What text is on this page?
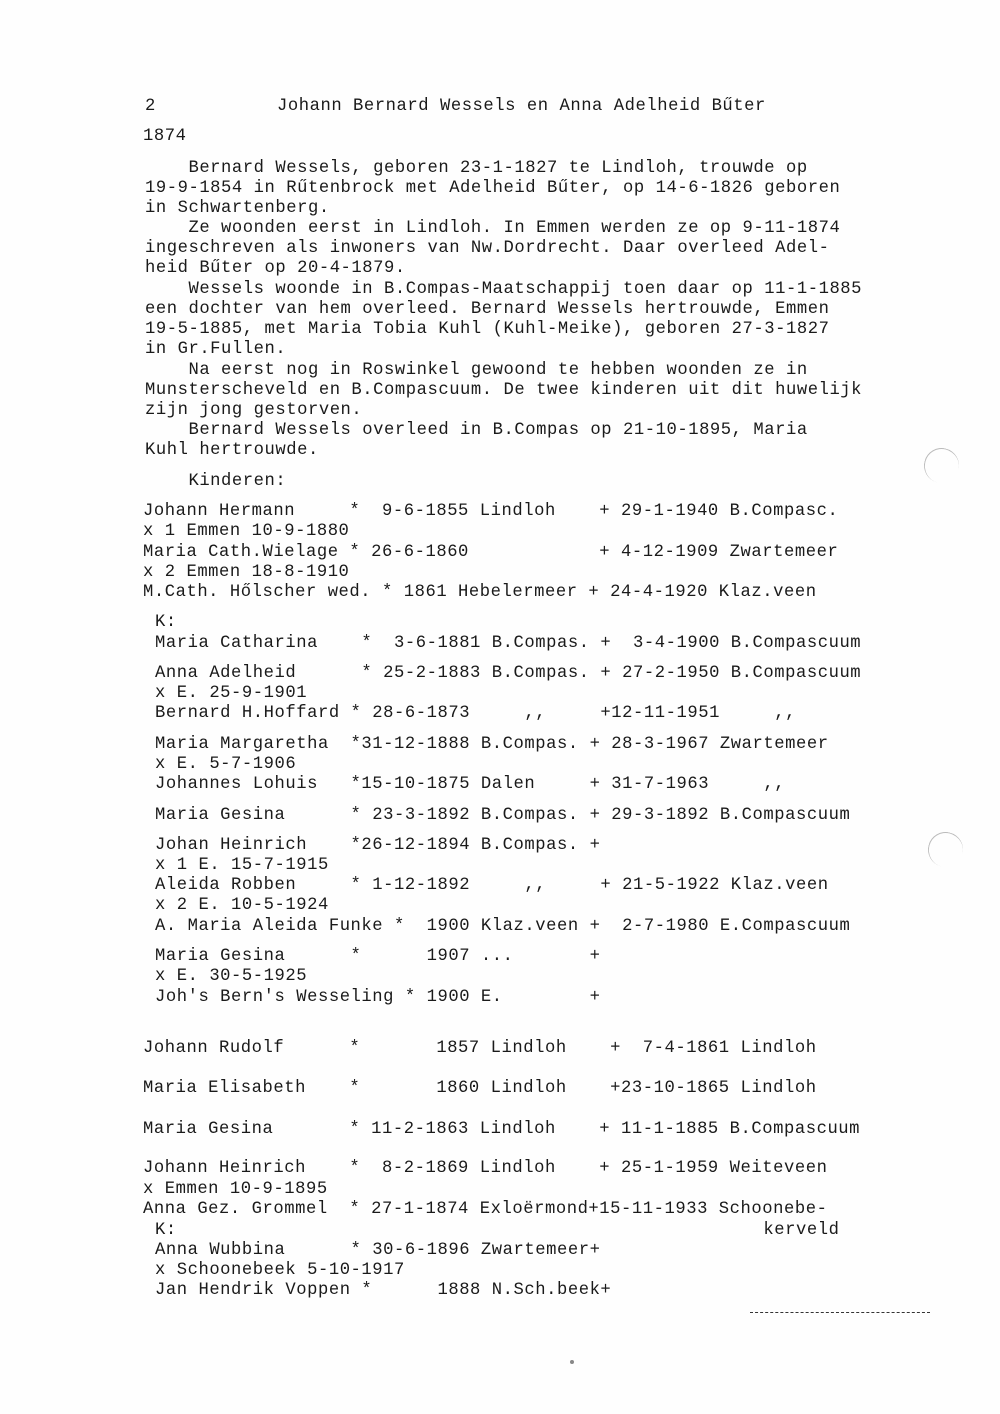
2	Johann Bernard Wessels en Anna Adelheid Bűter
1874
Bernard Wessels, geboren 23-1-1827 te Lindloh, trouwde op
19-9-1854 in Rűtenbrock met Adelheid Bűter, op 14-6-1826 geboren
in Schwartenberg.
Ze woonden eerst in Lindloh. In Emmen werden ze op 9-11-1874
ingeschreven als inwoners van Nw.Dordrecht. Daar overleed Adel-
heid Bűter op 20-4-1879.
Wessels woonde in B.Compas-Maatschappij toen daar op 11-1-1885
een dochter van hem overleed. Bernard Wessels hertrouwde, Emmen
19-5-1885, met Maria Tobia Kuhl (Kuhl-Meike), geboren 27-3-1827
in Gr.Fullen.
Na eerst nog in Roswinkel gewoond te hebben woonden ze in
Munsterscheveld en B.Compascuum. De twee kinderen uit dit huwelijk
zijn jong gestorven.
Bernard Wessels overleed in B.Compas op 21-10-1895, Maria
Kuhl hertrouwde.
Kinderen:
Johann Hermann     *  9-6-1855 Lindloh    + 29-1-1940 B.Compasc.
x 1 Emmen 10-9-1880
Maria Cath.Wielage * 26-6-1860            + 4-12-1909 Zwartemeer
x 2 Emmen 18-8-1910
M.Cath. Hőlscher wed. * 1861 Hebelermeer + 24-4-1920 Klaz.veen
K:
Maria Catharina    *  3-6-1881 B.Compas. +  3-4-1900 B.Compascuum
Anna Adelheid      * 25-2-1883 B.Compas. + 27-2-1950 B.Compascuum
x E. 25-9-1901
Bernard H.Hoffard * 28-6-1873     ,,     +12-11-1951     ,,
Maria Margaretha  *31-12-1888 B.Compas. + 28-3-1967 Zwartemeer
x E. 5-7-1906
Johannes Lohuis   *15-10-1875 Dalen     + 31-7-1963     ,,
Maria Gesina      * 23-3-1892 B.Compas. + 29-3-1892 B.Compascuum
Johan Heinrich    *26-12-1894 B.Compas. +
x 1 E. 15-7-1915
Aleida Robben     * 1-12-1892     ,,     + 21-5-1922 Klaz.veen
x 2 E. 10-5-1924
A. Maria Aleida Funke *  1900 Klaz.veen +  2-7-1980 E.Compascuum
Maria Gesina      *      1907 ...       +
x E. 30-5-1925
Joh's Bern's Wesseling * 1900 E.        +
Johann Rudolf      *       1857 Lindloh    +  7-4-1861 Lindloh
Maria Elisabeth    *       1860 Lindloh    +23-10-1865 Lindloh
Maria Gesina       * 11-2-1863 Lindloh    + 11-1-1885 B.Compascuum
Johann Heinrich    *  8-2-1869 Lindloh    + 25-1-1959 Weiteveen
x Emmen 10-9-1895
Anna Gez. Grommel  * 27-1-1874 Exloërmond+15-11-1933 Schoonebe-
K:                                                      kerveld
Anna Wubbina      * 30-6-1896 Zwartemeer+
x Schoonebeek 5-10-1917
Jan Hendrik Voppen *      1888 N.Sch.beek+
